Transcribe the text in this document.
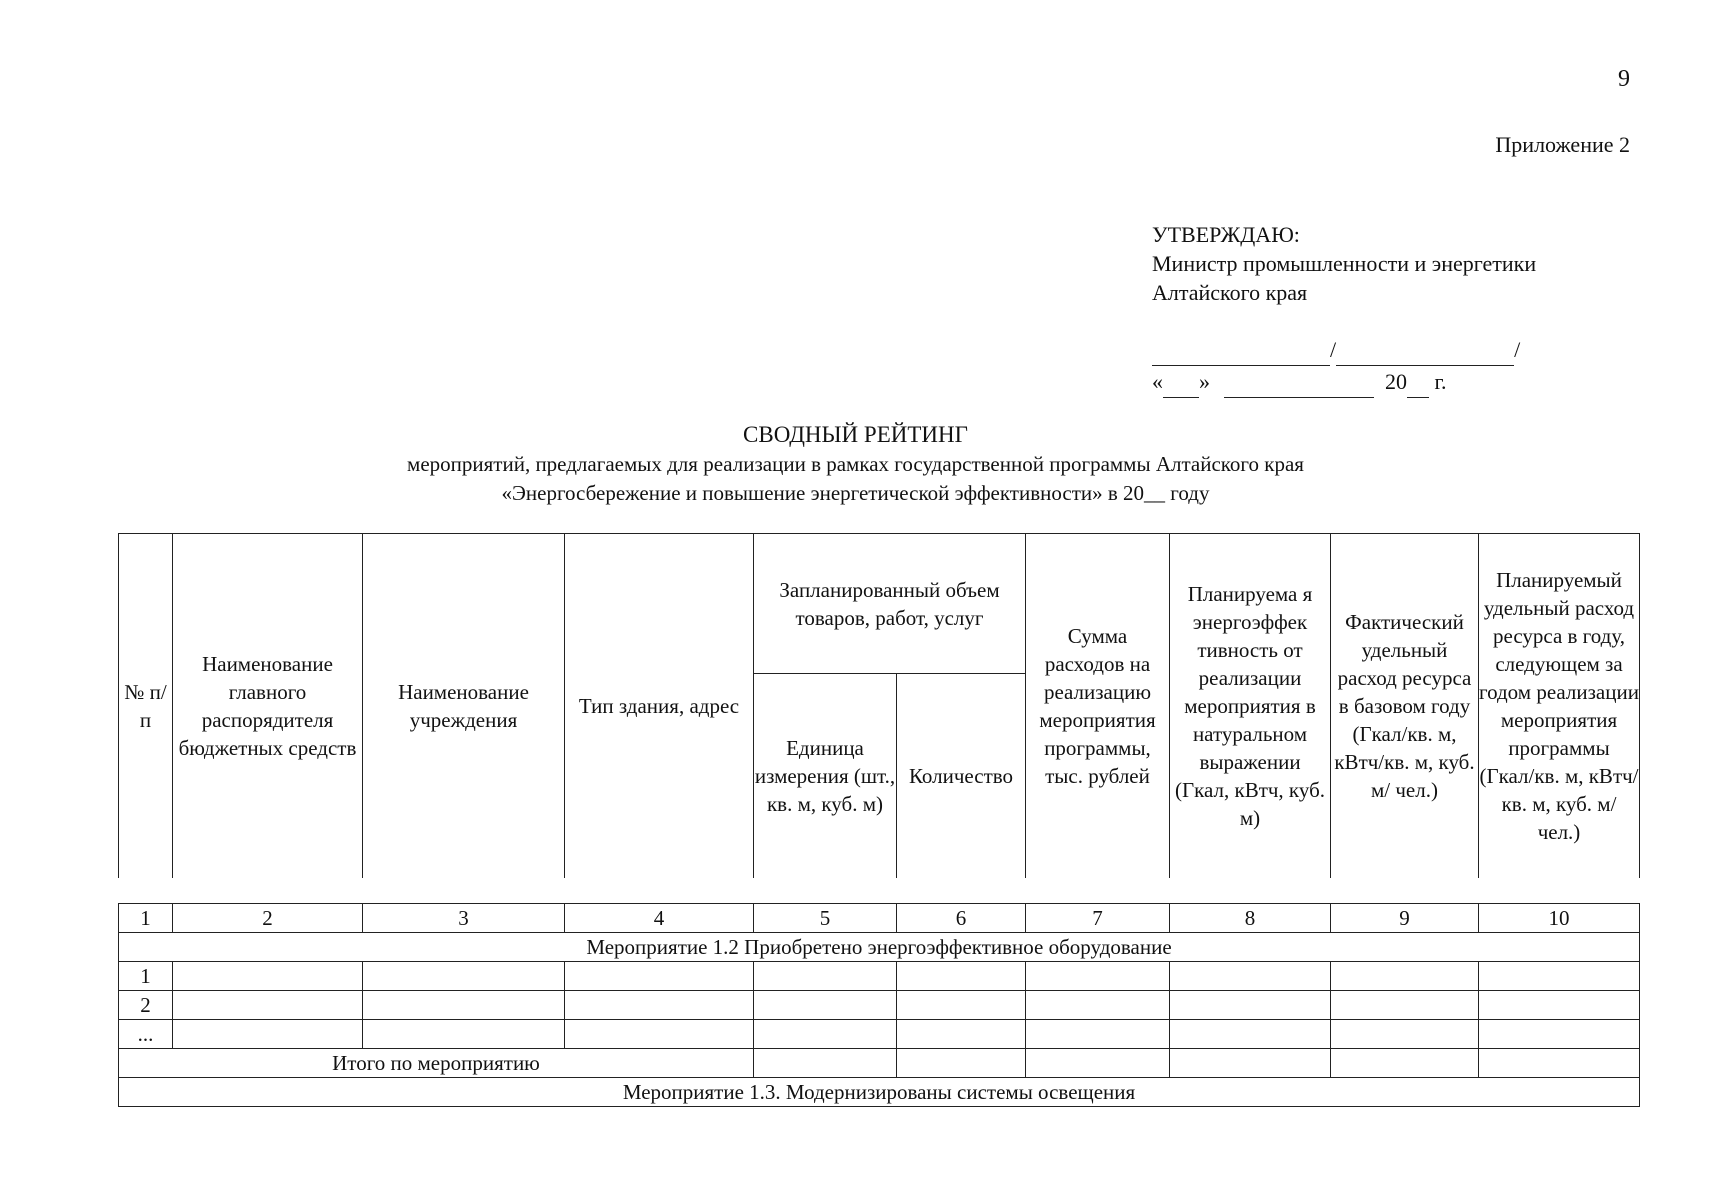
9
Приложение 2
УТВЕРЖДАЮ:
Министр промышленности и энергетики
Алтайского края
/	/
« »	20 г.
СВОДНЫЙ РЕЙТИНГ
мероприятий, предлагаемых для реализации в рамках государственной программы Алтайского края
«Энергосбережение и повышение энергетической эффективности» в 20__ году
№ п/п	Наименование главного распорядителя бюджетных средств	Наименование учреждения	Тип здания, адрес	Запланированный объем товаров, работ, услуг		Сумма расходов на реализацию мероприятия программы, тыс. рублей	Планируема я энергоэффек тивность от реализации мероприятия в натуральном выражении (Гкал, кВтч, куб. м)	Фактический удельный расход ресурса в базовом году (Гкал/кв. м, кВтч/кв. м, куб. м/ чел.)	Планируемый удельный расход ресурса в году, следующем за годом реализации мероприятия программы (Гкал/кв. м, кВтч/кв. м, куб. м/ чел.)
				Единица измерения (шт., кв. м, куб. м)	Количество				
1	2	3	4	5	6	7	8	9	10
Мероприятие 1.2 Приобретено энергоэффективное оборудование									
1									
2									
...									
Итого по мероприятию									
Мероприятие 1.3. Модернизированы системы освещения									
